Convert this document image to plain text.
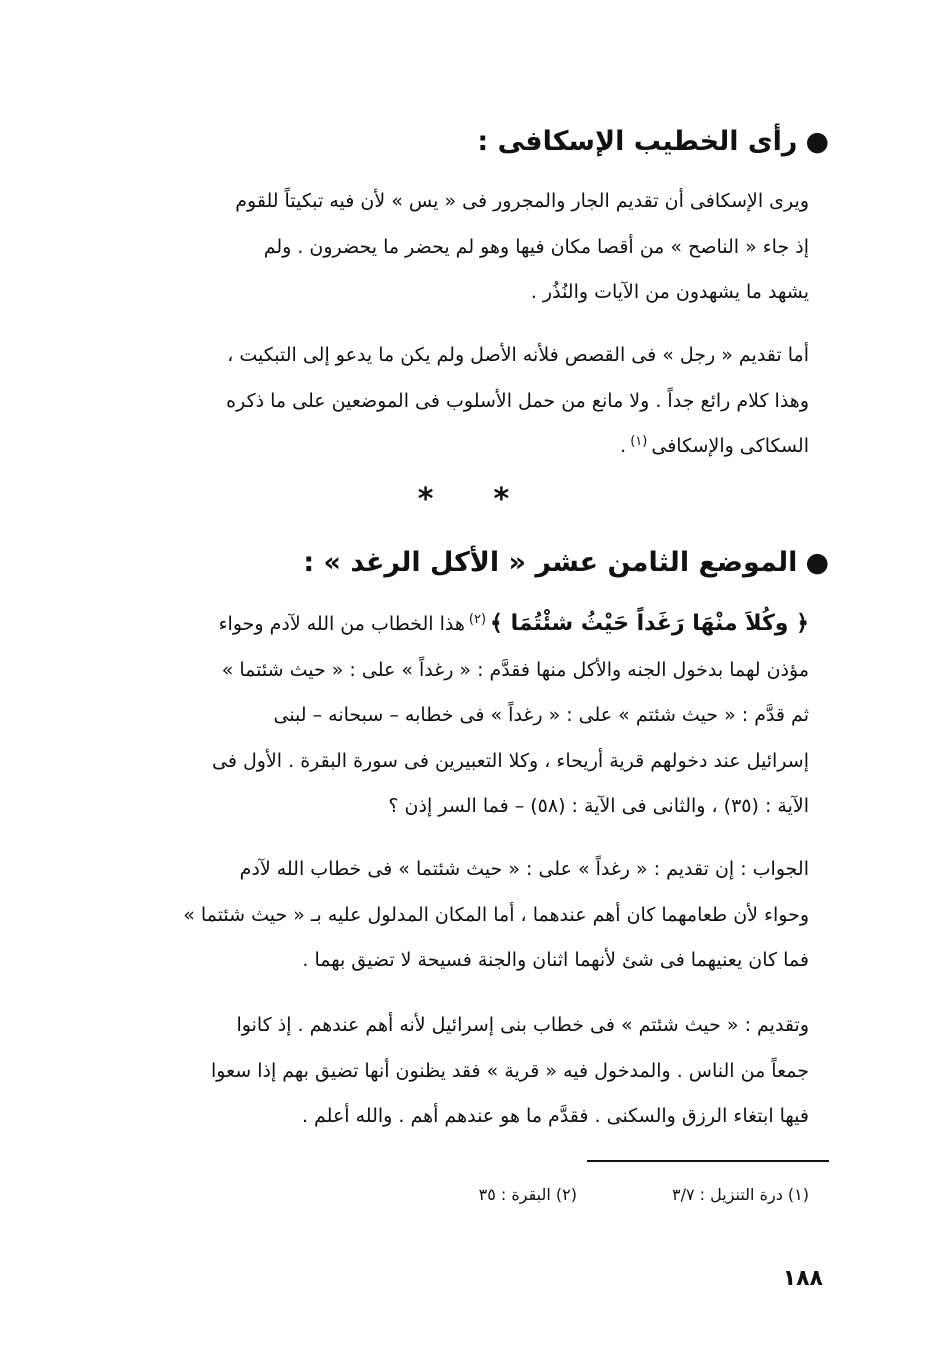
●رأى الخطيب الإسكافى :

ويرى الإسكافى أن تقديم الجار والمجرور فى « يس » لأن فيه تبكيتاً للقوم
إذ جاء « الناصح » من أقصا مكان فيها وهو لم يحضر ما يحضرون . ولم
يشهد ما يشهدون من الآيات والنُذُر .

أما تقديم « رجل » فى القصص فلأنه الأصل ولم يكن ما يدعو إلى التبكيت ،
وهذا كلام رائع جداً . ولا مانع من حمل الأسلوب فى الموضعين على ما ذكره
السكاكى والإسكافى$^{(١)}$.

**
●الموضع الثامن عشر « الأكل الرغد » :

﴿ وكُلاَ منْهَا رَغَداً حَيْثُ شئْتُمَا ﴾$^{(٢)}$هذا الخطاب من الله لآدم وحواء
مؤذن لهما بدخول الجنه والأكل منها فقدَّم : « رغداً » على : « حيث شئتما »
ثم قدَّم : « حيث شئتم » على : « رغداً » فى خطابه – سبحانه – لبنى
إسرائيل عند دخولهم قرية أريحاء ، وكلا التعبيرين فى سورة البقرة . الأول فى
الآية : (٣٥) ، والثانى فى الآية : (٥٨) – فما السر إذن ؟

الجواب : إن تقديم : « رغداً » على : « حيث شئتما » فى خطاب الله لآدم
وحواء لأن طعامهما كان أهم عندهما ، أما المكان المدلول عليه بـ « حيث شئتما »
فما كان يعنيهما فى شئ لأنهما اثنان والجنة فسيحة لا تضيق بهما .

وتقديم : « حيث شئتم » فى خطاب بنى إسرائيل لأنه أهم عندهم . إذ كانوا
جمعاً من الناس . والمدخول فيه « قرية » فقد يظنون أنها تضيق بهم إذا سعوا
فيها ابتغاء الرزق والسكنى . فقدَّم ما هو عندهم أهم . والله أعلم .

(١) درة التنزيل : ٣/٧(٢) البقرة : ٣٥
١٨٨
